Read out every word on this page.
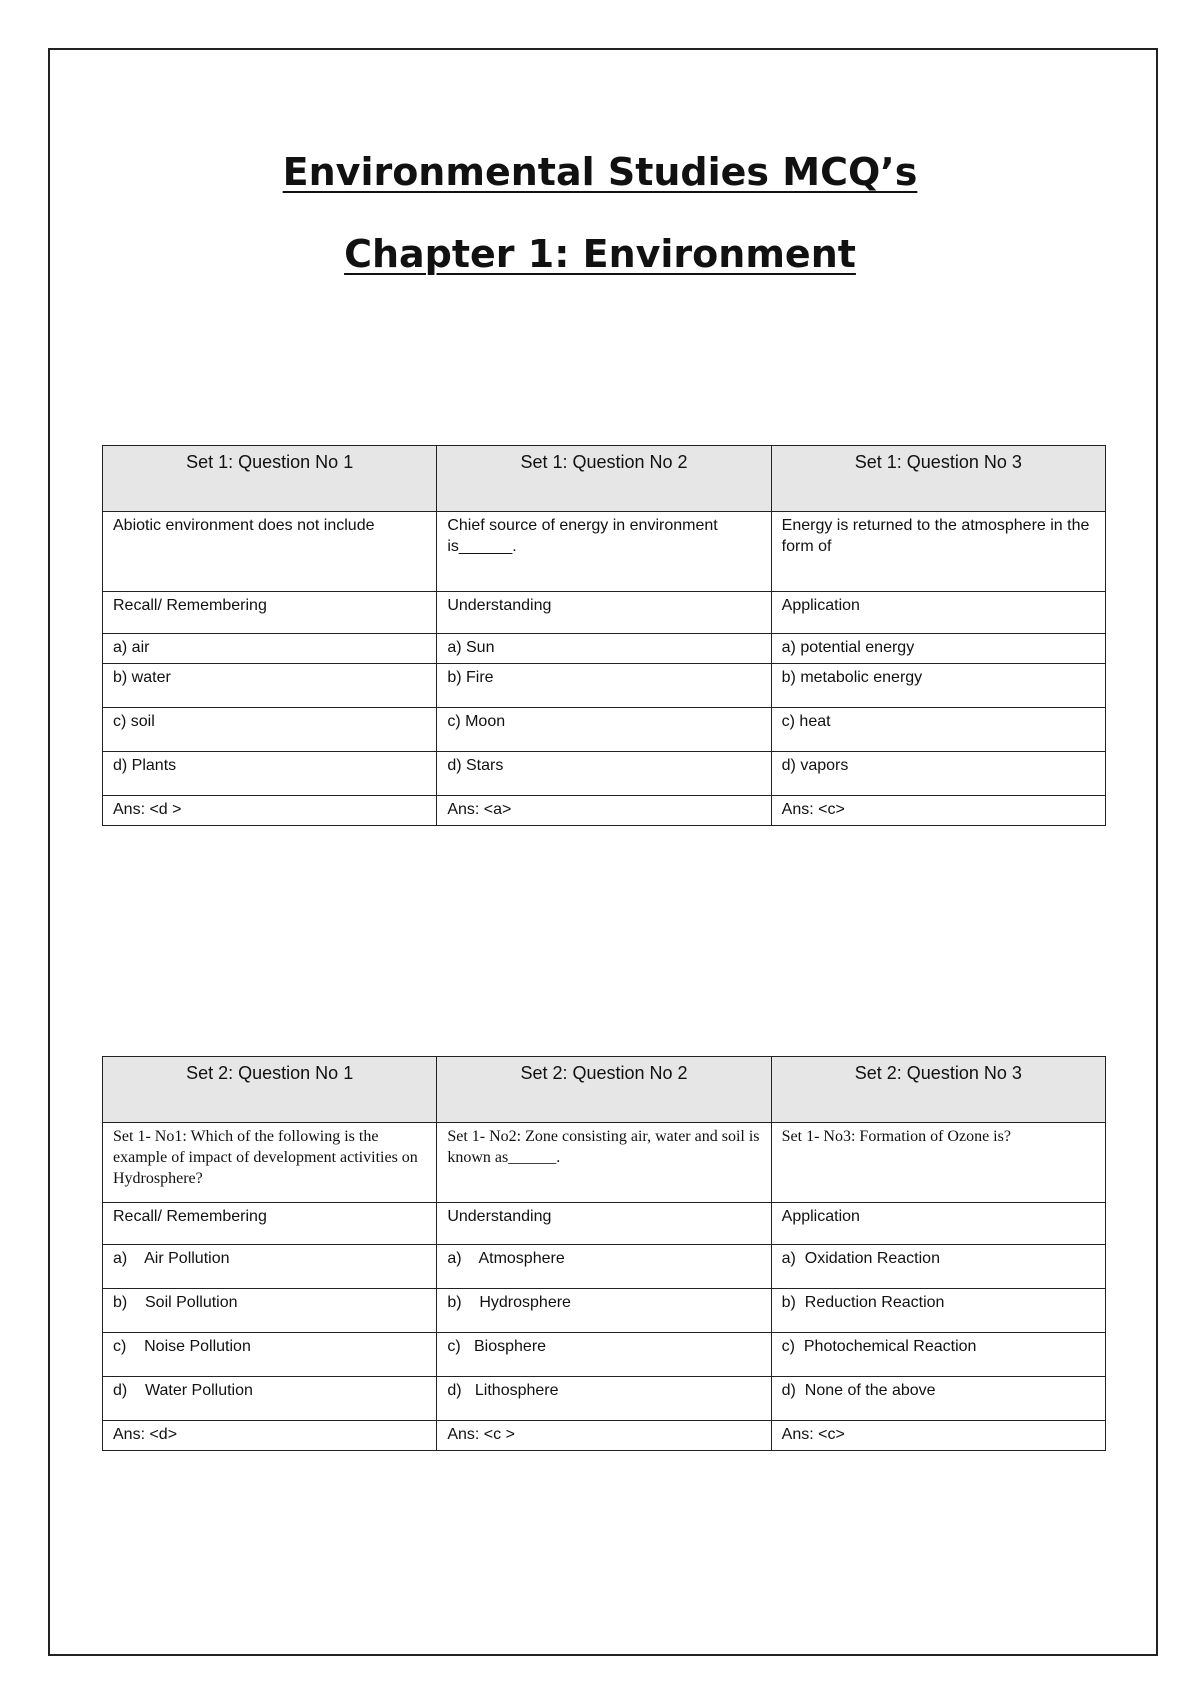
Environmental Studies MCQ’s
Chapter 1: Environment
Set 1: Question No 1	Set 1: Question No 2	Set 1: Question No 3
Abiotic environment does not include	Chief source of energy in environment is______.	Energy is returned to the atmosphere in the form of
Recall/ Remembering	Understanding	Application
a) air	a) Sun	a) potential energy
b) water	b) Fire	b) metabolic energy
c) soil	c) Moon	c) heat
d) Plants	d) Stars	d) vapors
Ans: <d >	Ans: <a>	Ans: <c>
Set 2: Question No 1	Set 2: Question No 2	Set 2: Question No 3
Set 1- No1: Which of the following is the example of impact of development activities on Hydrosphere?	Set 1- No2: Zone consisting air, water and soil is known as______.	Set 1- No3: Formation of Ozone is?
Recall/ Remembering	Understanding	Application
a)    Air Pollution	a)    Atmosphere	a)  Oxidation Reaction
b)    Soil Pollution	b)    Hydrosphere	b)  Reduction Reaction
c)    Noise Pollution	c)   Biosphere	c)  Photochemical Reaction
d)    Water Pollution	d)   Lithosphere	d)  None of the above
Ans: <d>	Ans: <c >	Ans: <c>
